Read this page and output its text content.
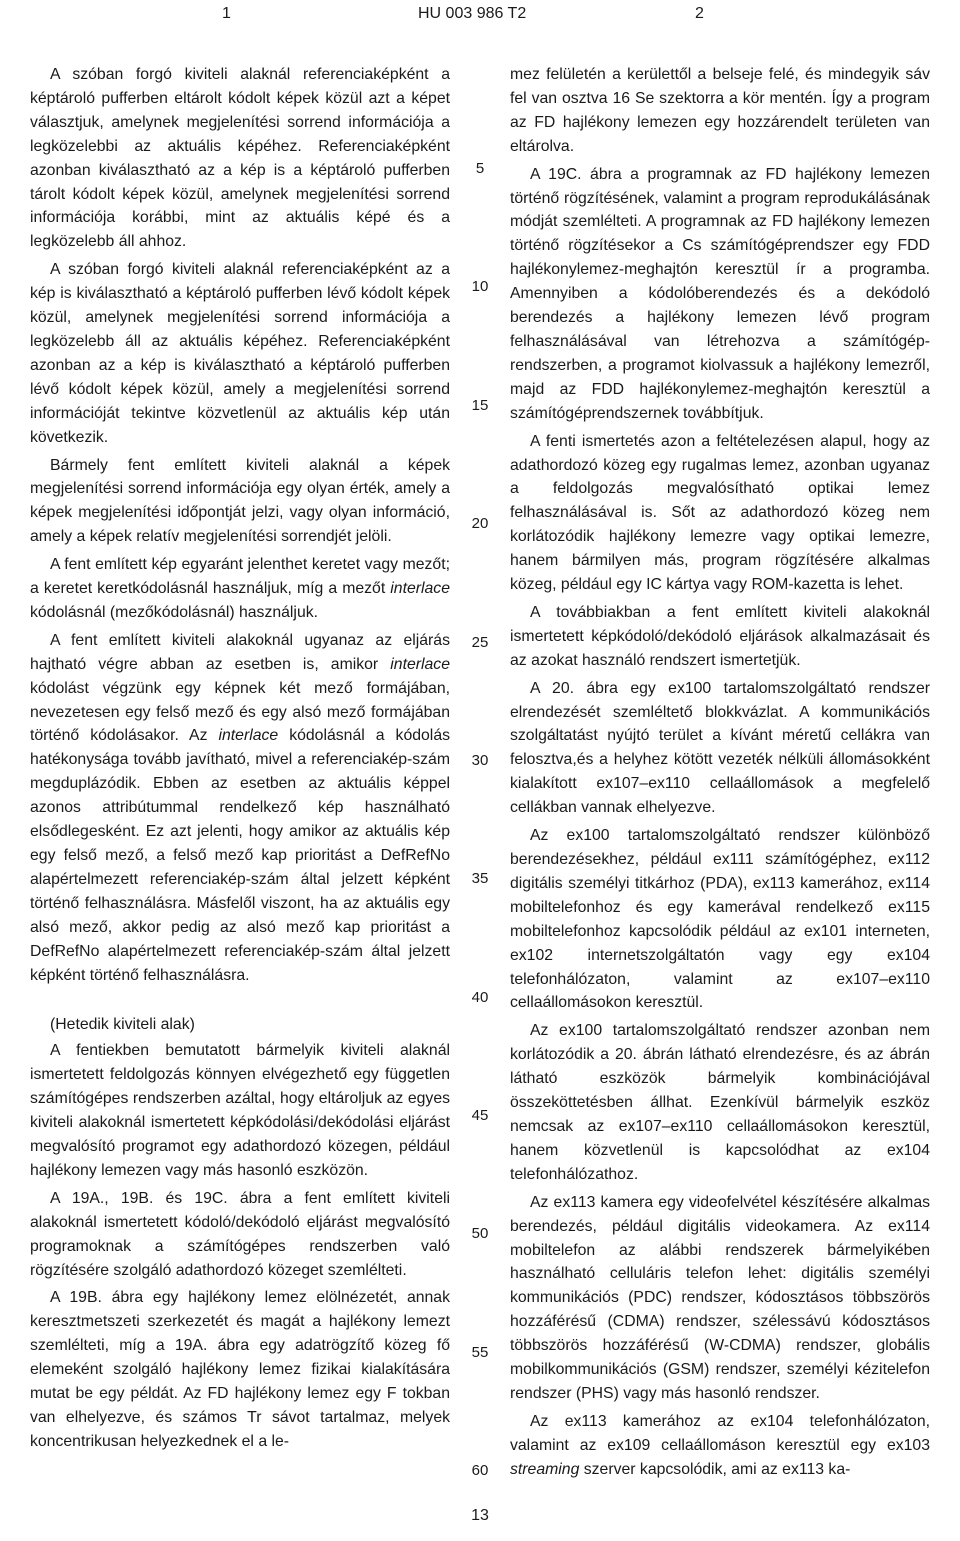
1	HU 003 986 T2	2

A szóban forgó kiviteli alaknál referenciaképként a képtároló pufferben eltárolt kódolt képek közül azt a képet választjuk, amelynek megjelenítési sorrend információja a legközelebbi az aktuális képéhez. Referenciaképként azonban kiválasztható az a kép is a képtároló pufferben tárolt kódolt képek közül, amelynek megjelenítési sorrend információja korábbi, mint az aktuális képé és a legközelebb áll ahhoz.

A szóban forgó kiviteli alaknál referenciaképként az a kép is kiválasztható a képtároló pufferben lévő kódolt képek közül, amelynek megjelenítési sorrend információja a legközelebb áll az aktuális képéhez. Referenciaképként azonban az a kép is kiválasztható a képtároló pufferben lévő kódolt képek közül, amely a megjelenítési sorrend információját tekintve közvetlenül az aktuális kép után következik.

Bármely fent említett kiviteli alaknál a képek megjelenítési sorrend információja egy olyan érték, amely a képek megjelenítési időpontját jelzi, vagy olyan információ, amely a képek relatív megjelenítési sorrendjét jelöli.

A fent említett kép egyaránt jelenthet keretet vagy mezőt; a keretet keretkódolásnál használjuk, míg a mezőt interlace kódolásnál (mezőkódolásnál) használjuk.

A fent említett kiviteli alakoknál ugyanaz az eljárás hajtható végre abban az esetben is, amikor interlace kódolást végzünk egy képnek két mező formájában, nevezetesen egy felső mező és egy alsó mező formájában történő kódolásakor. Az interlace kódolásnál a kódolás hatékonysága tovább javítható, mivel a referenciakép-szám megduplázódik. Ebben az esetben az aktuális képpel azonos attribútummal rendelkező kép használható elsődlegesként. Ez azt jelenti, hogy amikor az aktuális kép egy felső mező, a felső mező kap prioritást a DefRefNo alapértelmezett referenciakép-szám által jelzett képként történő felhasználásra. Másfelől viszont, ha az aktuális egy alsó mező, akkor pedig az alsó mező kap prioritást a DefRefNo alapértelmezett referenciakép-szám által jelzett képként történő felhasználásra.

(Hetedik kiviteli alak)

A fentiekben bemutatott bármelyik kiviteli alaknál ismertetett feldolgozás könnyen elvégezhető egy független számítógépes rendszerben azáltal, hogy eltároljuk az egyes kiviteli alakoknál ismertetett képkódolási/dekódolási eljárást megvalósító programot egy adathordozó közegen, például hajlékony lemezen vagy más hasonló eszközön.

A 19A., 19B. és 19C. ábra a fent említett kiviteli alakoknál ismertetett kódoló/dekódoló eljárást megvalósító programoknak a számítógépes rendszerben való rögzítésére szolgáló adathordozó közeget szemlélteti.

A 19B. ábra egy hajlékony lemez elölnézetét, annak keresztmetszeti szerkezetét és magát a hajlékony lemezt szemlélteti, míg a 19A. ábra egy adatrögzítő közeg fő elemeként szolgáló hajlékony lemez fizikai kialakítására mutat be egy példát. Az FD hajlékony lemez egy F tokban van elhelyezve, és számos Tr sávot tartalmaz, melyek koncentrikusan helyezkednek el a le-

5
10
15
20
25
30
35
40
45
50
55
60

mez felületén a kerülettől a belseje felé, és mindegyik sáv fel van osztva 16 Se szektorra a kör mentén. Így a program az FD hajlékony lemezen egy hozzárendelt területen van eltárolva.

A 19C. ábra a programnak az FD hajlékony lemezen történő rögzítésének, valamint a program reprodukálásának módját szemlélteti. A programnak az FD hajlékony lemezen történő rögzítésekor a Cs számítógéprendszer egy FDD hajlékonylemez-meghajtón keresztül ír a programba. Amennyiben a kódolóberendezés és a dekódoló berendezés a hajlékony lemezen lévő program felhasználásával van létrehozva a számítógép-rendszerben, a programot kiolvassuk a hajlékony lemezről, majd az FDD hajlékonylemez-meghajtón keresztül a számítógéprendszernek továbbítjuk.

A fenti ismertetés azon a feltételezésen alapul, hogy az adathordozó közeg egy rugalmas lemez, azonban ugyanaz a feldolgozás megvalósítható optikai lemez felhasználásával is. Sőt az adathordozó közeg nem korlátozódik hajlékony lemezre vagy optikai lemezre, hanem bármilyen más, program rögzítésére alkalmas közeg, például egy IC kártya vagy ROM-kazetta is lehet.

A továbbiakban a fent említett kiviteli alakoknál ismertetett képkódoló/dekódoló eljárások alkalmazásait és az azokat használó rendszert ismertetjük.

A 20. ábra egy ex100 tartalomszolgáltató rendszer elrendezését szemléltető blokkvázlat. A kommunikációs szolgáltatást nyújtó terület a kívánt méretű cellákra van felosztva,és a helyhez kötött vezeték nélküli állomásokként kialakított ex107–ex110 cellaállomások a megfelelő cellákban vannak elhelyezve.

Az ex100 tartalomszolgáltató rendszer különböző berendezésekhez, például ex111 számítógéphez, ex112 digitális személyi titkárhoz (PDA), ex113 kamerához, ex114 mobiltelefonhoz és egy kamerával rendelkező ex115 mobiltelefonhoz kapcsolódik például az ex101 interneten, ex102 internetszolgáltatón vagy egy ex104 telefonhálózaton, valamint az ex107–ex110 cellaállomásokon keresztül.

Az ex100 tartalomszolgáltató rendszer azonban nem korlátozódik a 20. ábrán látható elrendezésre, és az ábrán látható eszközök bármelyik kombinációjával összeköttetésben állhat. Ezenkívül bármelyik eszköz nemcsak az ex107–ex110 cellaállomásokon keresztül, hanem közvetlenül is kapcsolódhat az ex104 telefonhálózathoz.

Az ex113 kamera egy videofelvétel készítésére alkalmas berendezés, például digitális videokamera. Az ex114 mobiltelefon az alábbi rendszerek bármelyikében használható celluláris telefon lehet: digitális személyi kommunikációs (PDC) rendszer, kódosztásos többszörös hozzáférésű (CDMA) rendszer, szélessávú kódosztásos többszörös hozzáférésű (W-CDMA) rendszer, globális mobilkommunikációs (GSM) rendszer, személyi kézitelefon rendszer (PHS) vagy más hasonló rendszer.

Az ex113 kamerához az ex104 telefonhálózaton, valamint az ex109 cellaállomáson keresztül egy ex103 streaming szerver kapcsolódik, ami az ex113 ka-

13
